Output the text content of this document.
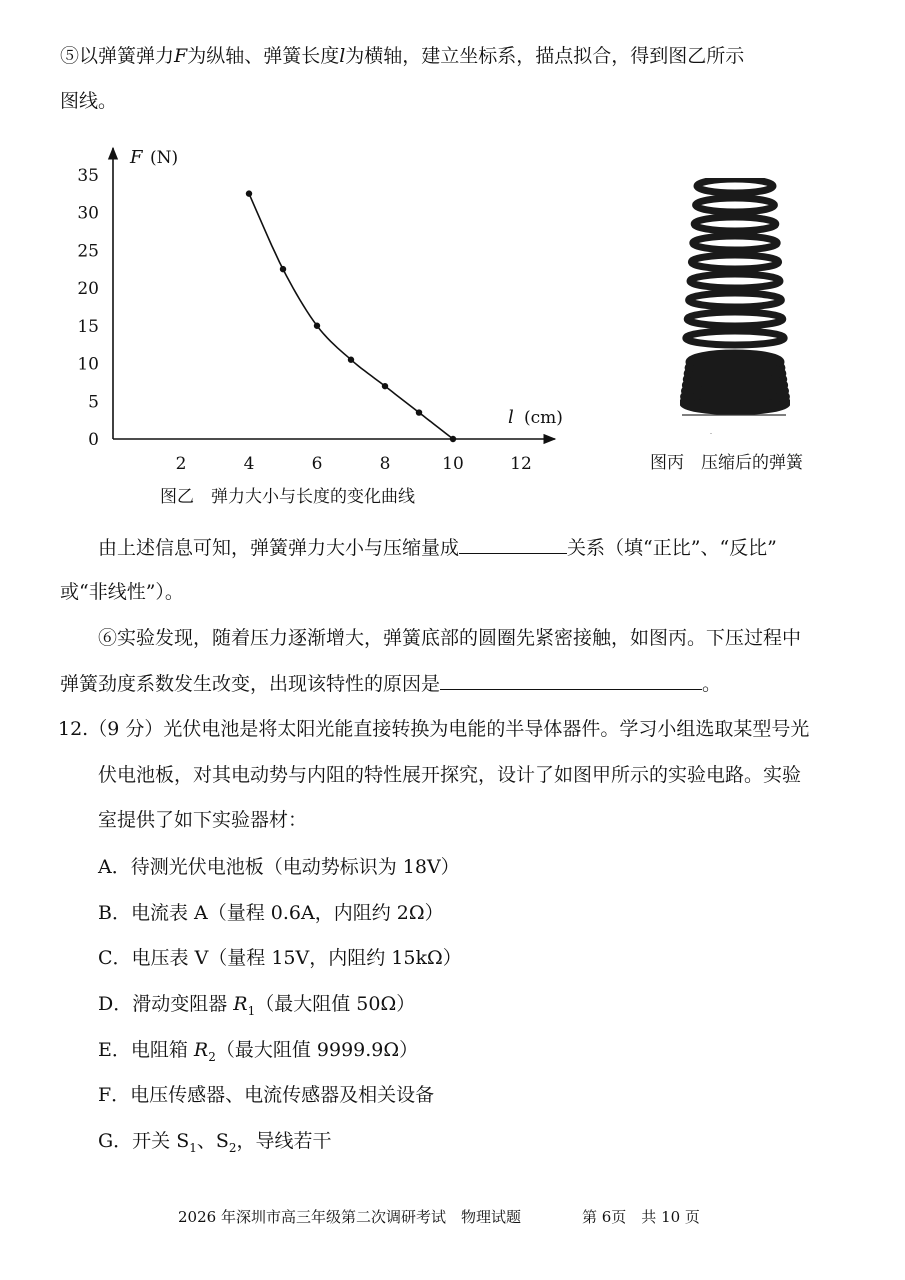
⑤以弹簧弹力F为纵轴、弹簧长度l为横轴，建立坐标系，描点拟合，得到图乙所示
图线。
F (N)
l (cm)
0
5
10
15
20
25
30
35
2	4	6	8	10	12
图乙　弹力大小与长度的变化曲线
图丙　压缩后的弹簧
由上述信息可知，弹簧弹力大小与压缩量成	关系（填“正比”、“反比”
或“非线性”）。
⑥实验发现，随着压力逐渐增大，弹簧底部的圆圈先紧密接触，如图丙。下压过程中
弹簧劲度系数发生改变，出现该特性的原因是	。
12.（9 分）光伏电池是将太阳光能直接转换为电能的半导体器件。学习小组选取某型号光
伏电池板，对其电动势与内阻的特性展开探究，设计了如图甲所示的实验电路。实验
室提供了如下实验器材：
A．待测光伏电池板（电动势标识为 18V）
B．电流表 A（量程 0.6A，内阻约 2Ω）
C．电压表 V（量程 15V，内阻约 15kΩ）
D．滑动变阻器 $R_1$（最大阻值 50Ω）
E．电阻箱 $R_2$（最大阻值 9999.9Ω）
F．电压传感器、电流传感器及相关设备
G．开关 $S_1$、$S_2$，导线若干
2026 年深圳市高三年级第二次调研考试　物理试题	第 6页　共 10 页
